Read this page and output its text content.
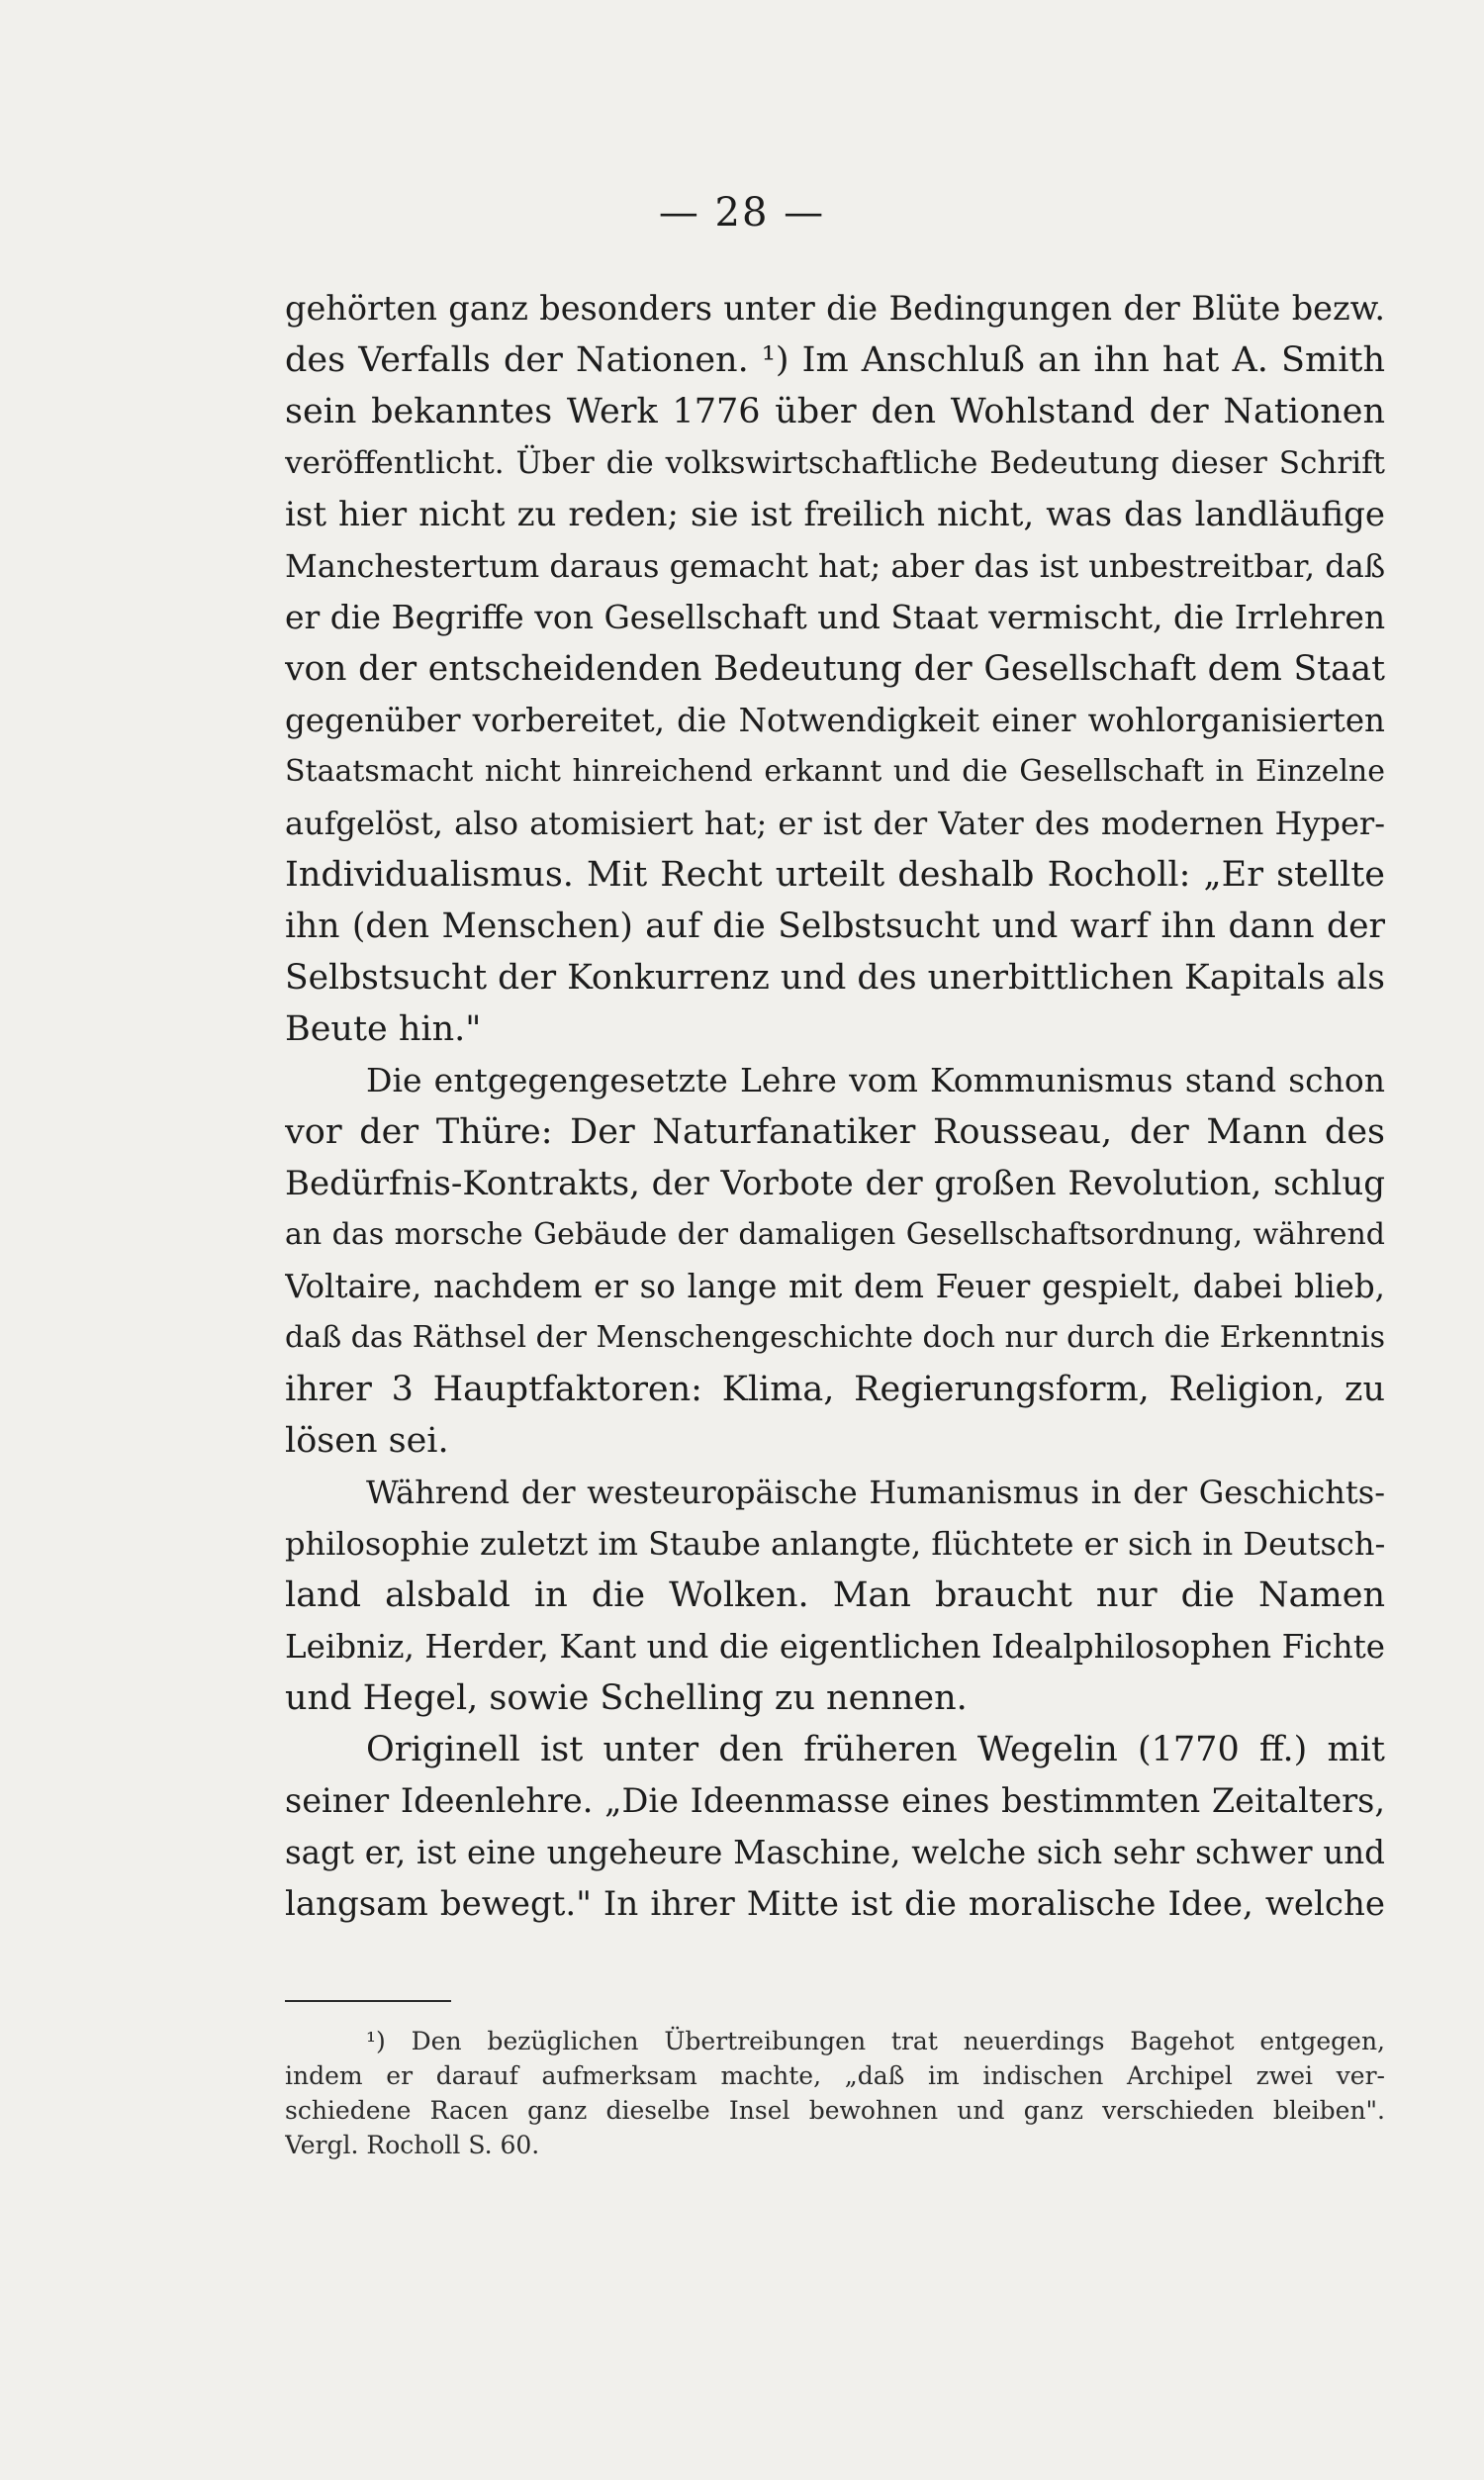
— 28 —
gehörten ganz besonders unter die Bedingungen der Blüte bezw.
des Verfalls der Nationen. ¹) Im Anschluß an ihn hat A. Smith
sein bekanntes Werk 1776 über den Wohlstand der Nationen
veröffentlicht. Über die volkswirtschaftliche Bedeutung dieser Schrift
ist hier nicht zu reden; sie ist freilich nicht, was das landläufige
Manchestertum daraus gemacht hat; aber das ist unbestreitbar, daß
er die Begriffe von Gesellschaft und Staat vermischt, die Irrlehren
von der entscheidenden Bedeutung der Gesellschaft dem Staat
gegenüber vorbereitet, die Notwendigkeit einer wohlorganisierten
Staatsmacht nicht hinreichend erkannt und die Gesellschaft in Einzelne
aufgelöst, also atomisiert hat; er ist der Vater des modernen Hyper-
Individualismus. Mit Recht urteilt deshalb Rocholl: „Er stellte
ihn (den Menschen) auf die Selbstsucht und warf ihn dann der
Selbstsucht der Konkurrenz und des unerbittlichen Kapitals als
Beute hin."
Die entgegengesetzte Lehre vom Kommunismus stand schon
vor der Thüre: Der Naturfanatiker Rousseau, der Mann des
Bedürfnis-Kontrakts, der Vorbote der großen Revolution, schlug
an das morsche Gebäude der damaligen Gesellschaftsordnung, während
Voltaire, nachdem er so lange mit dem Feuer gespielt, dabei blieb,
daß das Räthsel der Menschengeschichte doch nur durch die Erkenntnis
ihrer 3 Hauptfaktoren: Klima, Regierungsform, Religion, zu
lösen sei.
Während der westeuropäische Humanismus in der Geschichts-
philosophie zuletzt im Staube anlangte, flüchtete er sich in Deutsch-
land alsbald in die Wolken. Man braucht nur die Namen
Leibniz, Herder, Kant und die eigentlichen Idealphilosophen Fichte
und Hegel, sowie Schelling zu nennen.
Originell ist unter den früheren Wegelin (1770 ff.) mit
seiner Ideenlehre. „Die Ideenmasse eines bestimmten Zeitalters,
sagt er, ist eine ungeheure Maschine, welche sich sehr schwer und
langsam bewegt." In ihrer Mitte ist die moralische Idee, welche
¹) Den bezüglichen Übertreibungen trat neuerdings Bagehot entgegen,
indem er darauf aufmerksam machte, „daß im indischen Archipel zwei ver-
schiedene Racen ganz dieselbe Insel bewohnen und ganz verschieden bleiben".
Vergl. Rocholl S. 60.
